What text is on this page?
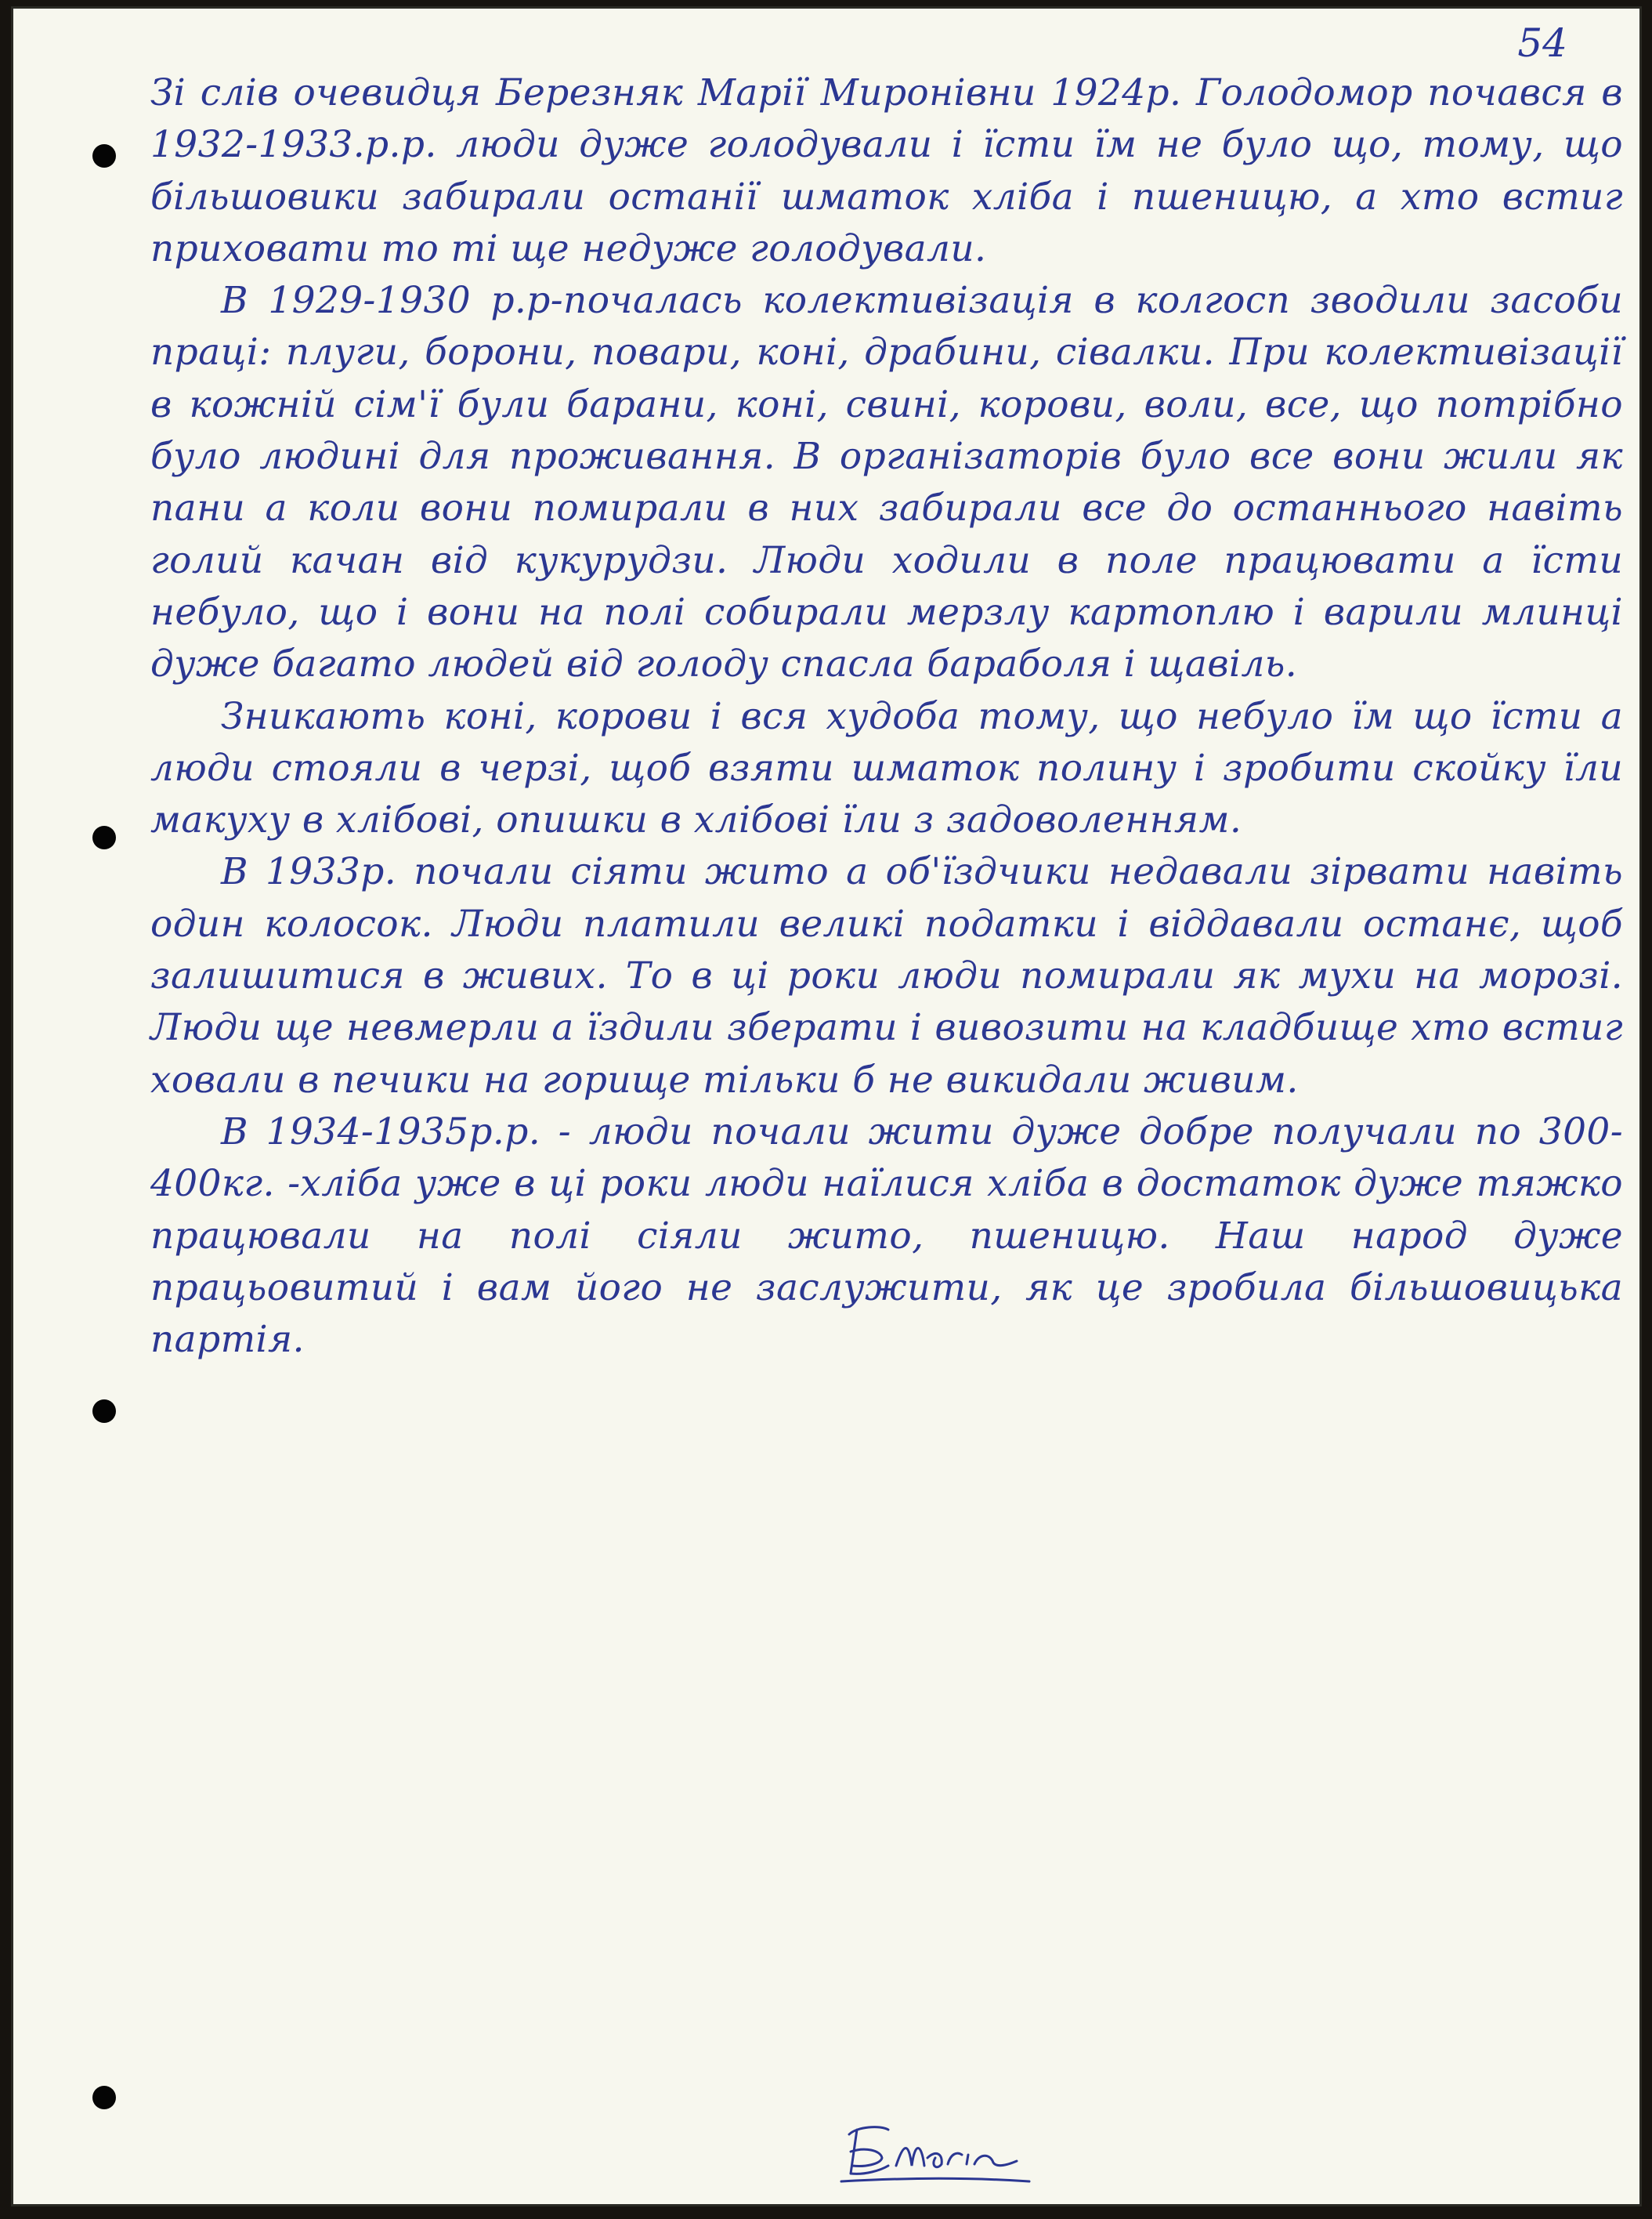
54

Зі слів очевидця Березняк Марії Миронівни 1924р. Голодомор почався в 1932-1933.р.р. люди дуже голодували і їсти їм не було що, тому, що більшовики забирали останії шматок хліба і пшеницю, а хто встиг приховати то ті ще недуже голодували.

В 1929-1930 р.р-почалась колективізація в колгосп зводили засоби праці: плуги, борони, повари, коні, драбини, сівалки. При колективізації в кожній сім'ї були барани, коні, свині, корови, воли, все, що потрібно було людині для проживання. В організаторів було все вони жили як пани а коли вони помирали в них забирали все до останнього навіть голий качан від кукурудзи. Люди ходили в поле працювати а їсти небуло, що і вони на полі собирали мерзлу картоплю і варили млинці дуже багато людей від голоду спасла бараболя і щавіль.

Зникають коні, корови і вся худоба тому, що небуло їм що їсти а люди стояли в черзі, щоб взяти шматок полину і зробити скойку їли макуху в хлібові, опишки в хлібові їли з задоволенням.

В 1933р. почали сіяти жито а об'їздчики недавали зірвати навіть один колосок. Люди платили великі податки і віддавали останє, щоб залишитися в живих. То в ці роки люди помирали як мухи на морозі. Люди ще невмерли а їздили зберати і вивозити на кладбище хто встиг ховали в печики на горище тільки б не викидали живим.

В 1934-1935р.р. - люди почали жити дуже добре получали по 300-400кг. -хліба уже в ці роки люди наїлися хліба в достаток дуже тяжко працювали на полі сіяли жито, пшеницю. Наш народ дуже працьовитий і вам його не заслужити, як це зробила більшовицька партія.
